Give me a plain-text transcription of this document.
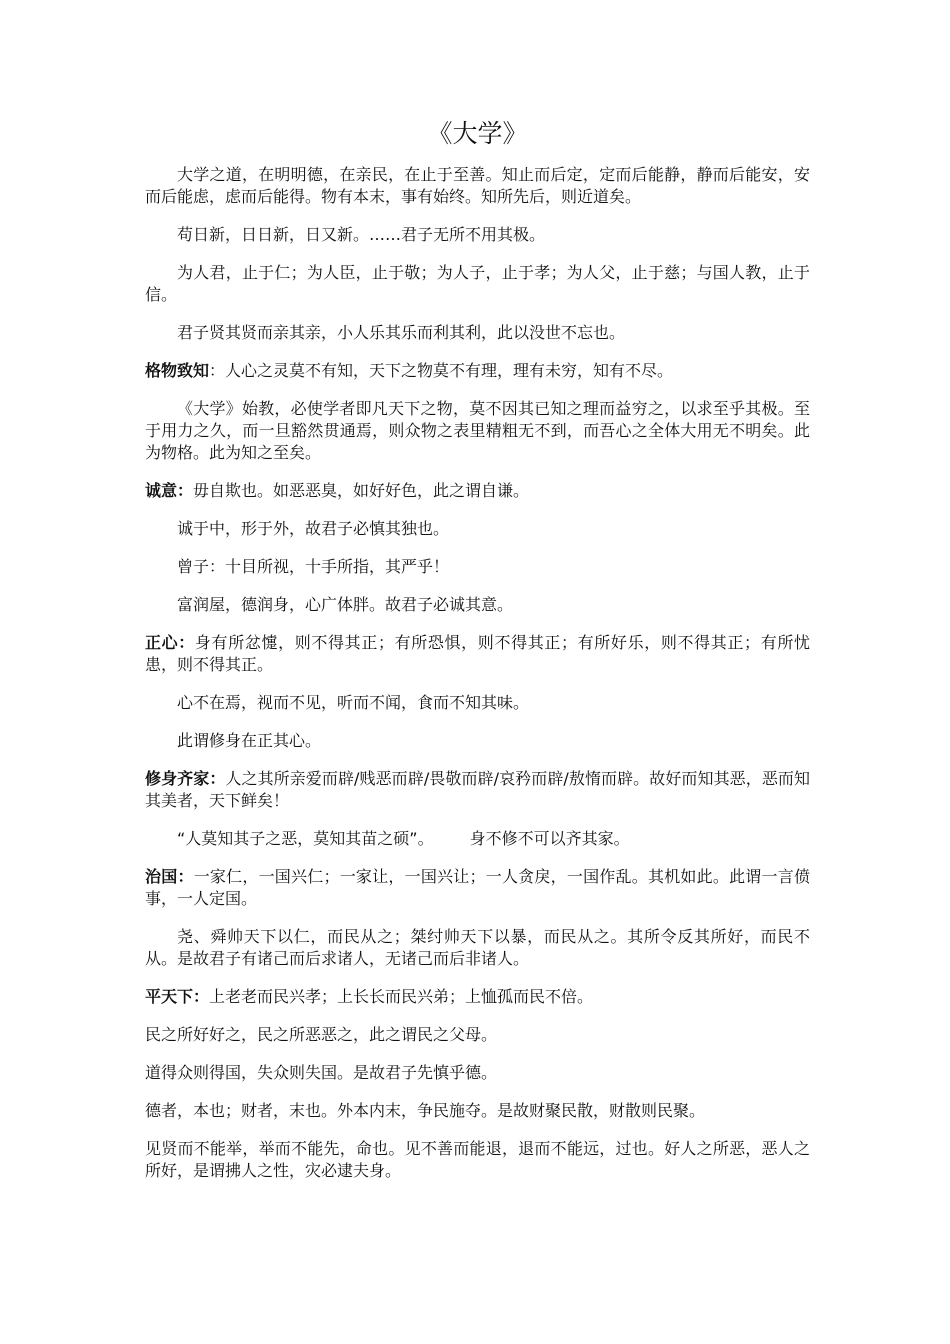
《大学》

大学之道，在明明德，在亲民，在止于至善。知止而后定，定而后能静，静而后能安，安而后能虑，虑而后能得。物有本末，事有始终。知所先后，则近道矣。

苟日新，日日新，日又新。……君子无所不用其极。

为人君，止于仁；为人臣，止于敬；为人子，止于孝；为人父，止于慈；与国人教，止于信。

君子贤其贤而亲其亲，小人乐其乐而利其利，此以没世不忘也。

格物致知：人心之灵莫不有知，天下之物莫不有理，理有未穷，知有不尽。

《大学》始教，必使学者即凡天下之物，莫不因其已知之理而益穷之，以求至乎其极。至于用力之久，而一旦豁然贯通焉，则众物之表里精粗无不到，而吾心之全体大用无不明矣。此为物格。此为知之至矣。

诚意：毋自欺也。如恶恶臭，如好好色，此之谓自谦。

诚于中，形于外，故君子必慎其独也。

曾子：十目所视，十手所指，其严乎！

富润屋，德润身，心广体胖。故君子必诚其意。

正心：身有所忿懥，则不得其正；有所恐惧，则不得其正；有所好乐，则不得其正；有所忧患，则不得其正。

心不在焉，视而不见，听而不闻，食而不知其味。

此谓修身在正其心。

修身齐家：人之其所亲爱而辟/贱恶而辟/畏敬而辟/哀矜而辟/敖惰而辟。故好而知其恶，恶而知其美者，天下鲜矣！

“人莫知其子之恶，莫知其苗之硕”。 身不修不可以齐其家。

治国：一家仁，一国兴仁；一家让，一国兴让；一人贪戾，一国作乱。其机如此。此谓一言偾事，一人定国。

尧、舜帅天下以仁，而民从之；桀纣帅天下以暴，而民从之。其所令反其所好，而民不从。是故君子有诸己而后求诸人，无诸己而后非诸人。

平天下：上老老而民兴孝；上长长而民兴弟；上恤孤而民不倍。

民之所好好之，民之所恶恶之，此之谓民之父母。

道得众则得国，失众则失国。是故君子先慎乎德。

德者，本也；财者，末也。外本内末，争民施夺。是故财聚民散，财散则民聚。

见贤而不能举，举而不能先，命也。见不善而能退，退而不能远，过也。好人之所恶，恶人之所好，是谓拂人之性，灾必逮夫身。
